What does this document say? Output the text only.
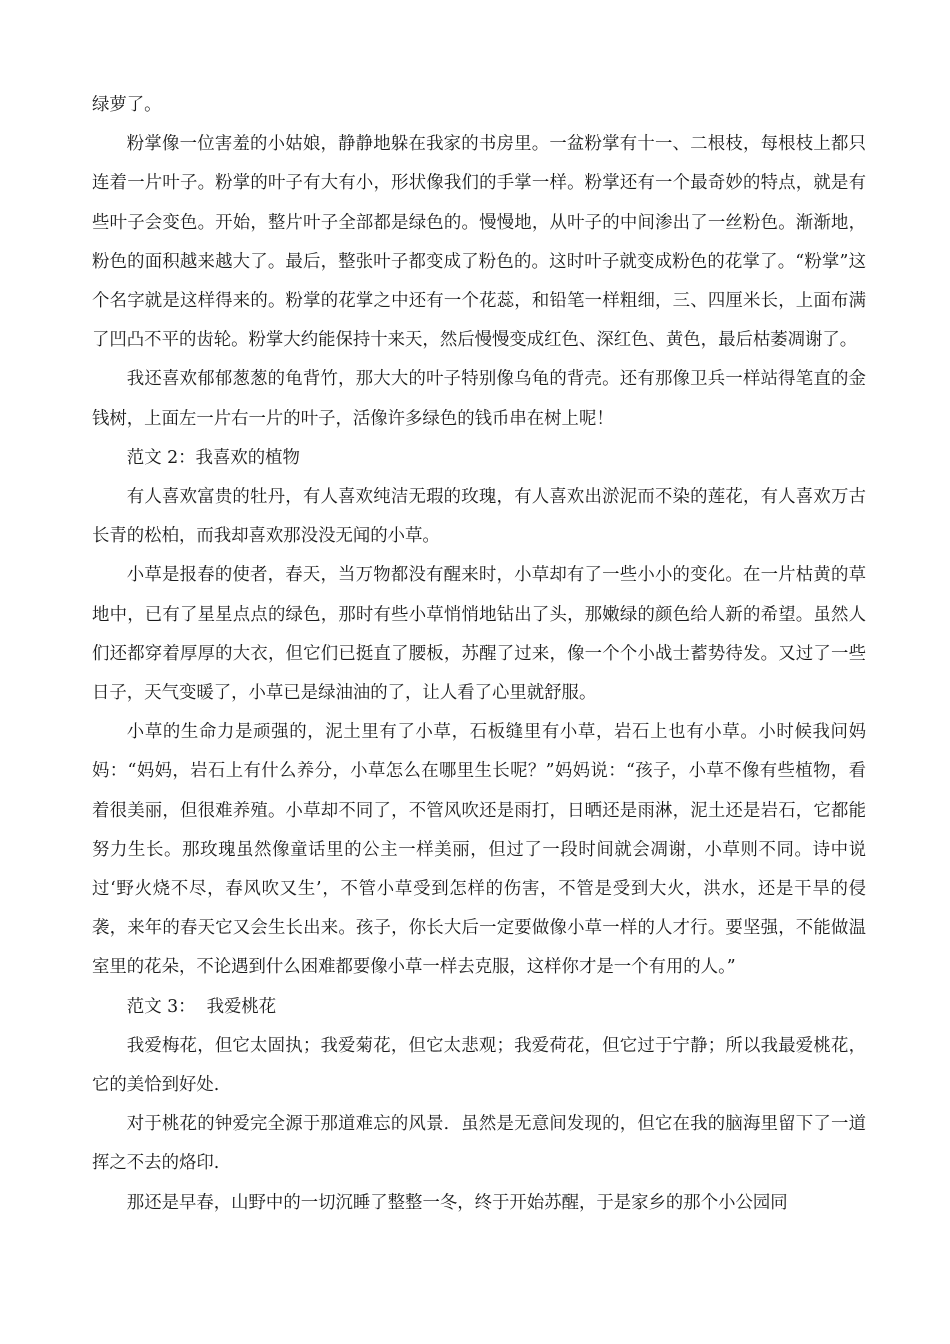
绿萝了。

粉掌像一位害羞的小姑娘，静静地躲在我家的书房里。一盆粉掌有十一、二根枝，每根枝上都只连着一片叶子。粉掌的叶子有大有小，形状像我们的手掌一样。粉掌还有一个最奇妙的特点，就是有些叶子会变色。开始，整片叶子全部都是绿色的。慢慢地，从叶子的中间渗出了一丝粉色。渐渐地，粉色的面积越来越大了。最后，整张叶子都变成了粉色的。这时叶子就变成粉色的花掌了。“粉掌”这个名字就是这样得来的。粉掌的花掌之中还有一个花蕊，和铅笔一样粗细，三、四厘米长，上面布满了凹凸不平的齿轮。粉掌大约能保持十来天，然后慢慢变成红色、深红色、黄色，最后枯萎凋谢了。

我还喜欢郁郁葱葱的龟背竹，那大大的叶子特别像乌龟的背壳。还有那像卫兵一样站得笔直的金钱树，上面左一片右一片的叶子，活像许多绿色的钱币串在树上呢！

范文 2：我喜欢的植物

有人喜欢富贵的牡丹，有人喜欢纯洁无瑕的玫瑰，有人喜欢出淤泥而不染的莲花，有人喜欢万古长青的松柏，而我却喜欢那没没无闻的小草。

小草是报春的使者，春天，当万物都没有醒来时，小草却有了一些小小的变化。在一片枯黄的草地中，已有了星星点点的绿色，那时有些小草悄悄地钻出了头，那嫩绿的颜色给人新的希望。虽然人们还都穿着厚厚的大衣，但它们已挺直了腰板，苏醒了过来，像一个个小战士蓄势待发。又过了一些日子，天气变暖了，小草已是绿油油的了，让人看了心里就舒服。

小草的生命力是顽强的，泥土里有了小草，石板缝里有小草，岩石上也有小草。小时候我问妈妈：“妈妈，岩石上有什么养分，小草怎么在哪里生长呢？”妈妈说：“孩子，小草不像有些植物，看着很美丽，但很难养殖。小草却不同了，不管风吹还是雨打，日晒还是雨淋，泥土还是岩石，它都能努力生长。那玫瑰虽然像童话里的公主一样美丽，但过了一段时间就会凋谢，小草则不同。诗中说过‘野火烧不尽，春风吹又生’，不管小草受到怎样的伤害，不管是受到大火，洪水，还是干旱的侵袭，来年的春天它又会生长出来。孩子，你长大后一定要做像小草一样的人才行。要坚强，不能做温室里的花朵，不论遇到什么困难都要像小草一样去克服，这样你才是一个有用的人。”

范文 3：  我爱桃花

我爱梅花，但它太固执；我爱菊花，但它太悲观；我爱荷花，但它过于宁静；所以我最爱桃花，它的美恰到好处.

对于桃花的钟爱完全源于那道难忘的风景．虽然是无意间发现的，但它在我的脑海里留下了一道挥之不去的烙印.

那还是早春，山野中的一切沉睡了整整一冬，终于开始苏醒，于是家乡的那个小公园同
